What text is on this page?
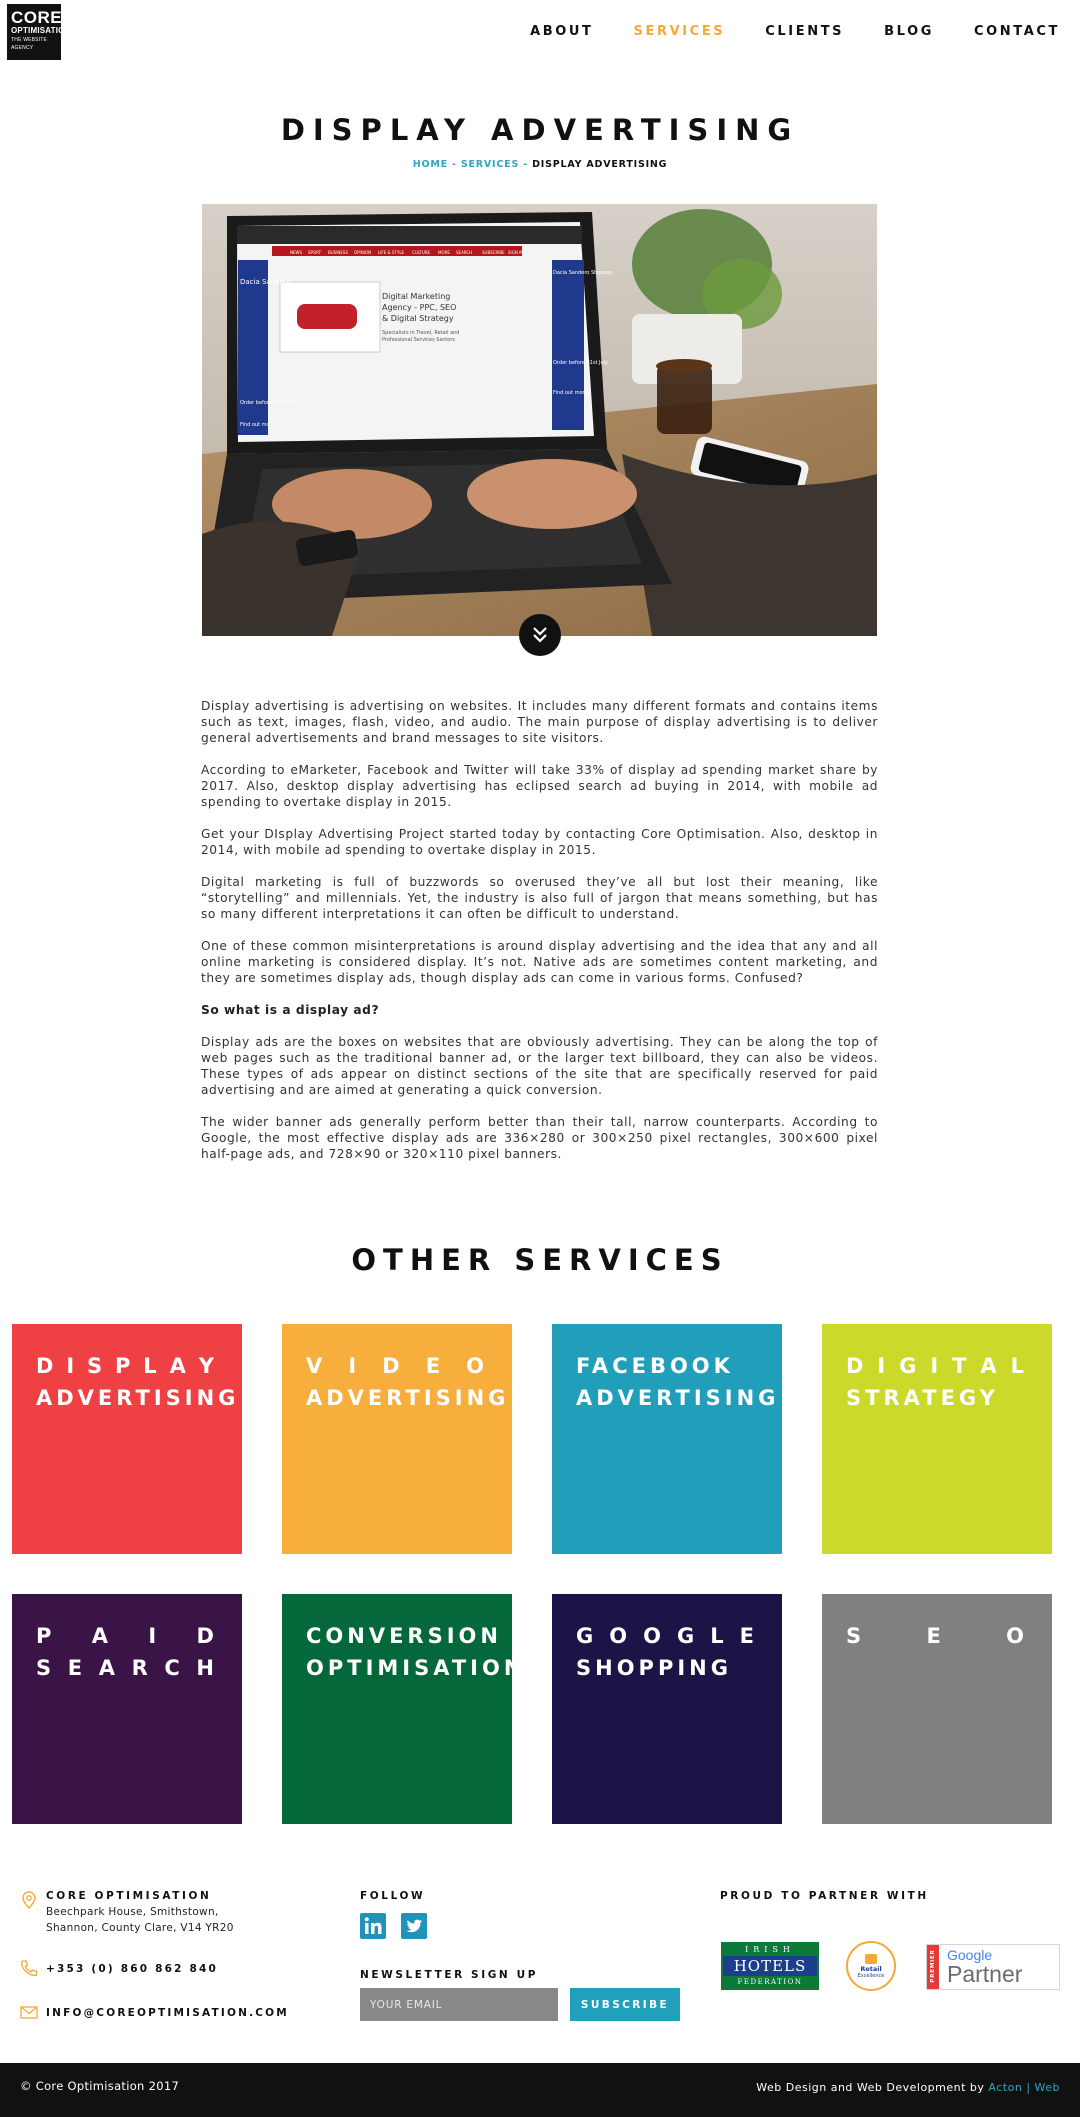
CORE
OPTIMISATION
THE WEBSITE AGENCY
ABOUT	SERVICES	CLIENTS	BLOG	CONTACT
DISPLAY ADVERTISING
HOME - SERVICES - DISPLAY ADVERTISING
Digital Marketing
Agency - PPC, SEO
& Digital Strategy
Specialists in Travel, Retail and
Professional Services Sectors
Dacia Sandero
Order before 31st July
Find out more
Dacia Sandero Stepway
Order before 31st July
Find out more
NEWS SPORT BUSINESS OPINION LIFE & STYLE CULTURE MORE SEARCH SUBSCRIBE SIGN IN

Display advertising is advertising on websites. It includes many different formats and contains items such as text, images, flash, video, and audio. The main purpose of display advertising is to deliver general advertisements and brand messages to site visitors.

According to eMarketer, Facebook and Twitter will take 33% of display ad spending market share by 2017. Also, desktop display advertising has eclipsed search ad buying in 2014, with mobile ad spending to overtake display in 2015.

Get your DIsplay Advertising Project started today by contacting Core Optimisation. Also, desktop in 2014, with mobile ad spending to overtake display in 2015.

Digital marketing is full of buzzwords so overused they’ve all but lost their meaning, like “storytelling” and millennials. Yet, the industry is also full of jargon that means something, but has so many different interpretations it can often be difficult to understand.

One of these common misinterpretations is around display advertising and the idea that any and all online marketing is considered display. It’s not. Native ads are sometimes content marketing, and they are sometimes display ads, though display ads can come in various forms. Confused?

So what is a display ad?

Display ads are the boxes on websites that are obviously advertising. They can be along the top of web pages such as the traditional banner ad, or the larger text billboard, they can also be videos. These types of ads appear on distinct sections of the site that are specifically reserved for paid advertising and are aimed at generating a quick conversion.

The wider banner ads generally perform better than their tall, narrow counterparts. According to Google, the most effective display ads are 336×280 or 300×250 pixel rectangles, 300×600 pixel half-page ads, and 728×90 or 320×110 pixel banners.

OTHER SERVICES
D I S P L A Y
ADVERTISING
V I D E O
ADVERTISING
FACEBOOK
ADVERTISING
D I G I T A L
STRATEGY
P A I D
S E A R C H
CONVERSION
OPTIMISATION
G O O G L E
SHOPPING
S	E	O
CORE OPTIMISATION
Beechpark House, Smithstown,
Shannon, County Clare, V14 YR20
+353 (0) 860 862 840
INFO@COREOPTIMISATION.COM
FOLLOW
NEWSLETTER SIGN UP
YOUR EMAIL
SUBSCRIBE
PROUD TO PARTNER WITH
IRISH
HOTELS
FEDERATION
Retail
Excellence	PREMIER Google
Partner
© Core Optimisation 2017	Web Design and Web Development by Acton | Web
